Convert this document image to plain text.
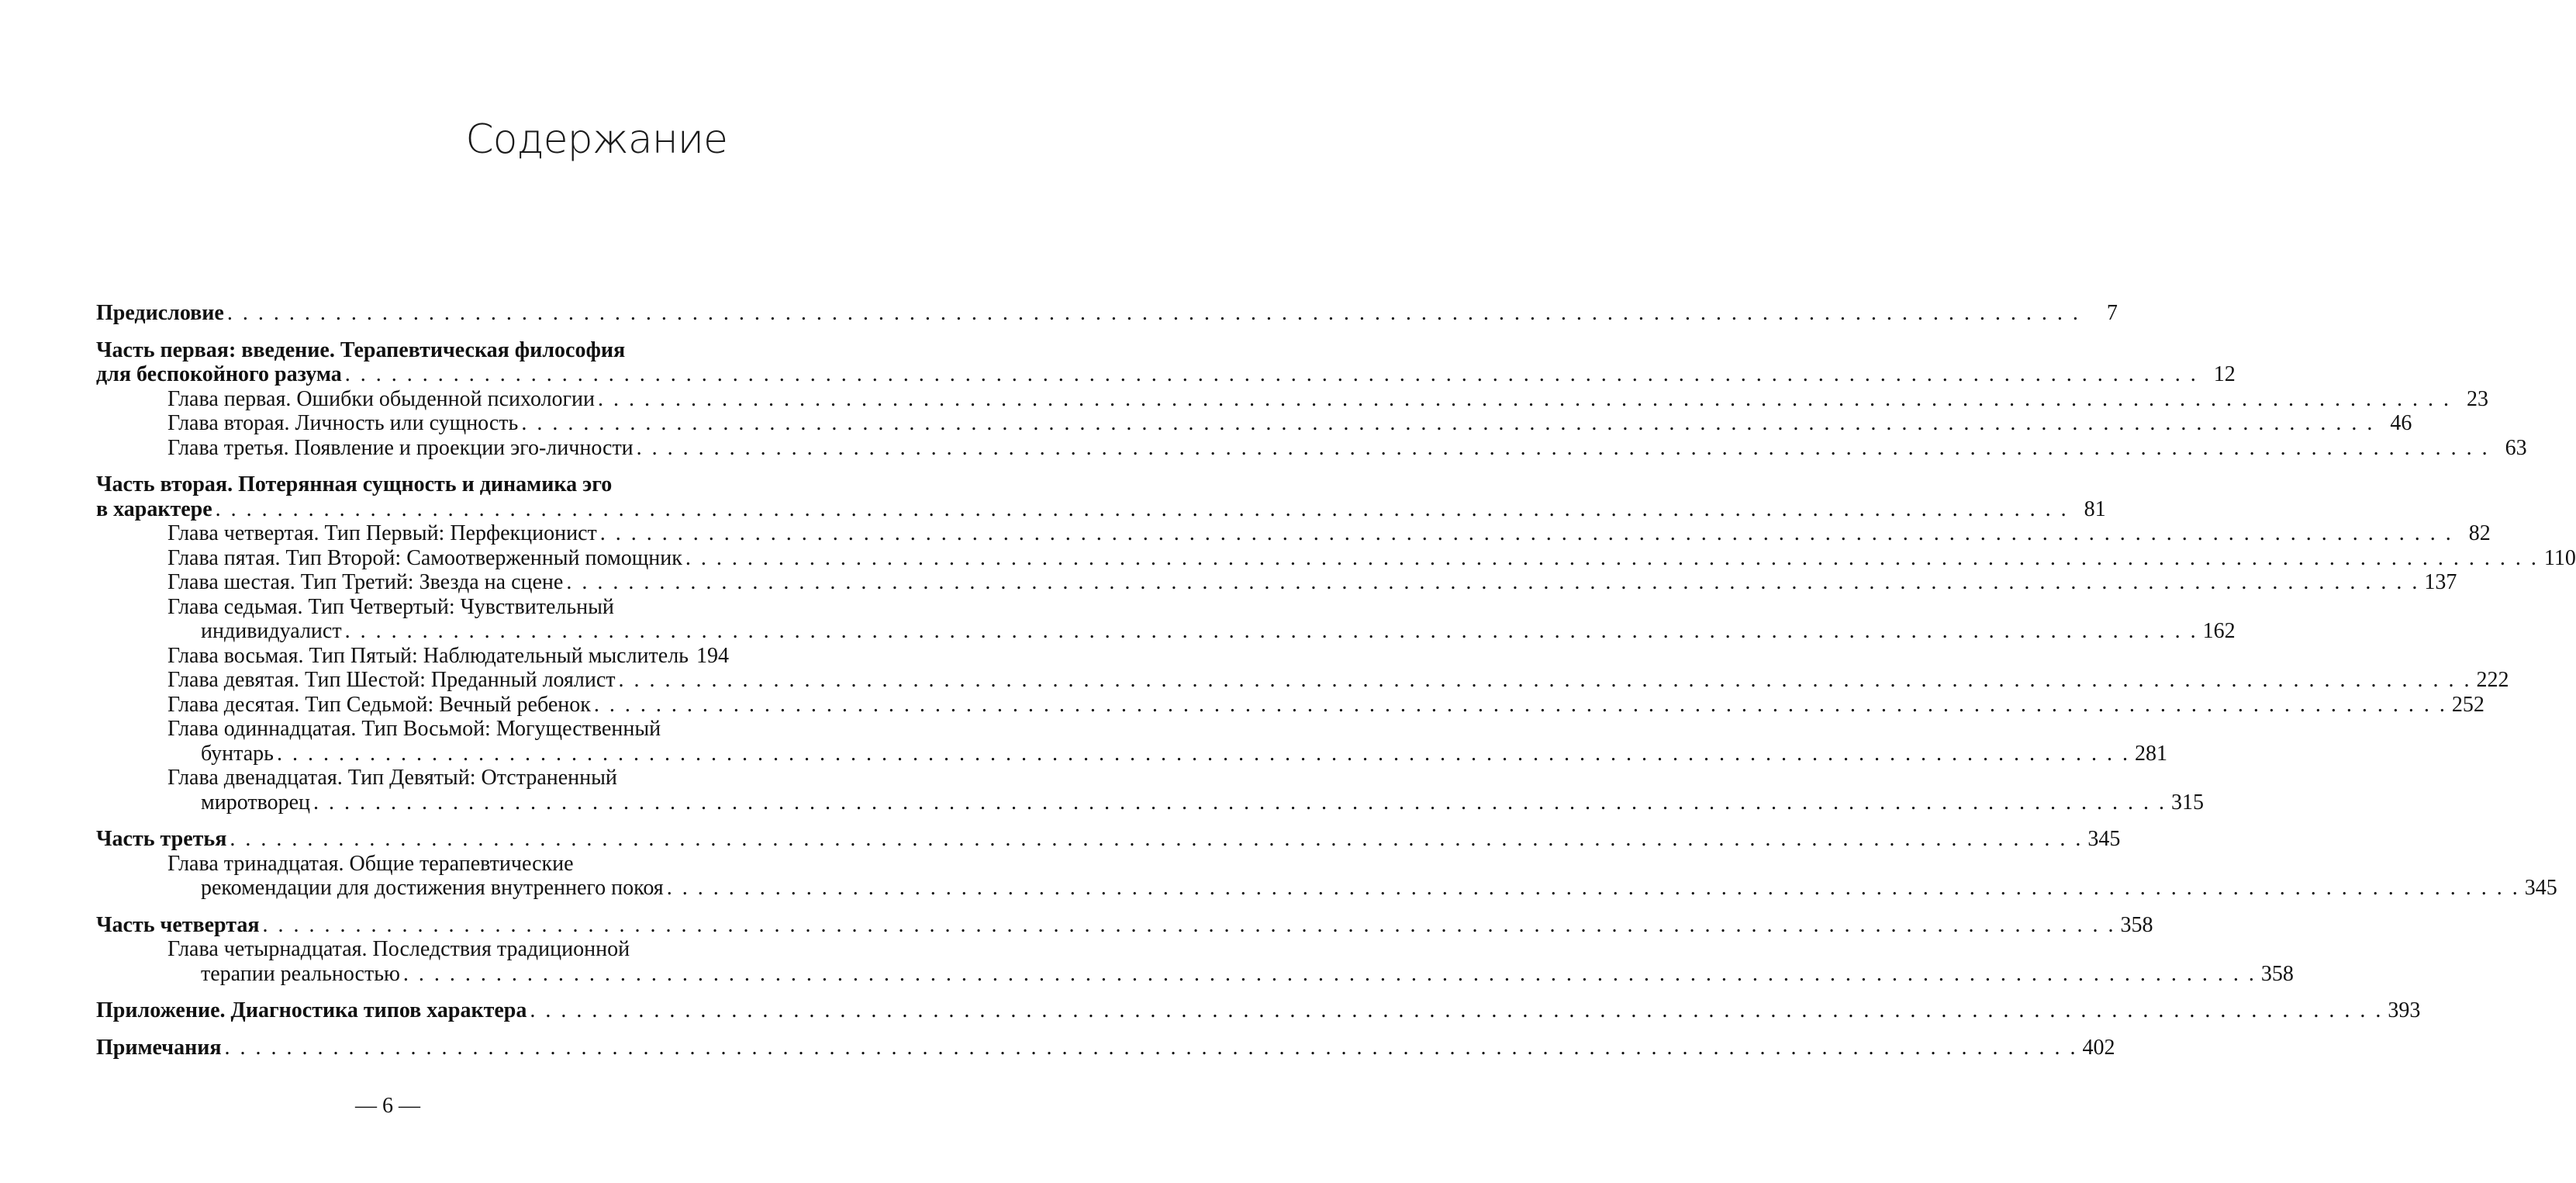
Содержание
Предисловие . . . . . . . . . . . . . . . . . . . . . . . . . . . . . . . . . . . . . . . . . . . . . . . . . . . . . . . . . . . . . . . . . . . . . . . . . . . . . . . . . . . . . . . . . . . . . . . . . . . . . . . . . . . . . . . . . . . . . . . .	7
Часть первая: введение. Терапевтическая философия
для беспокойного разума . . . . . . . . . . . . . . . . . . . . . . . . . . . . . . . . . . . . . . . . . . . . . . . . . . . . . . . . . . . . . . . . . . . . . . . . . . . . . . . . . . . . . . . . . . . . . . . . . . . . . . . . . . . . . . . . . . . . . . . . 12
Глава первая. Ошибки обыденной психологии . . . . . . . . . . . . . . . . . . . . . . . . . . . . . . . . . . . . . . . . . . . . . . . . . . . . . . . . . . . . . . . . . . . . . . . . . . . . . . . . . . . . . . . . . . . . . . . . . . . . . . . . . . . . . . . . . . . . . . . . 23
Глава вторая. Личность или сущность . . . . . . . . . . . . . . . . . . . . . . . . . . . . . . . . . . . . . . . . . . . . . . . . . . . . . . . . . . . . . . . . . . . . . . . . . . . . . . . . . . . . . . . . . . . . . . . . . . . . . . . . . . . . . . . . . . . . . . . . 46
Глава третья. Появление и проекции эго-личности . . . . . . . . . . . . . . . . . . . . . . . . . . . . . . . . . . . . . . . . . . . . . . . . . . . . . . . . . . . . . . . . . . . . . . . . . . . . . . . . . . . . . . . . . . . . . . . . . . . . . . . . . . . . . . . . . . . . . . . . 63
Часть вторая. Потерянная сущность и динамика эго
в характере . . . . . . . . . . . . . . . . . . . . . . . . . . . . . . . . . . . . . . . . . . . . . . . . . . . . . . . . . . . . . . . . . . . . . . . . . . . . . . . . . . . . . . . . . . . . . . . . . . . . . . . . . . . . . . . . . . . . . . . . 81
Глава четвертая. Тип Первый: Перфекционист . . . . . . . . . . . . . . . . . . . . . . . . . . . . . . . . . . . . . . . . . . . . . . . . . . . . . . . . . . . . . . . . . . . . . . . . . . . . . . . . . . . . . . . . . . . . . . . . . . . . . . . . . . . . . . . . . . . . . . . . 82
Глава пятая. Тип Второй: Самоотверженный помощник . . . . . . . . . . . . . . . . . . . . . . . . . . . . . . . . . . . . . . . . . . . . . . . . . . . . . . . . . . . . . . . . . . . . . . . . . . . . . . . . . . . . . . . . . . . . . . . . . . . . . . . . . . . . . . . . . . . . . . . . 110
Глава шестая. Тип Третий: Звезда на сцене . . . . . . . . . . . . . . . . . . . . . . . . . . . . . . . . . . . . . . . . . . . . . . . . . . . . . . . . . . . . . . . . . . . . . . . . . . . . . . . . . . . . . . . . . . . . . . . . . . . . . . . . . . . . . . . . . . . . . . . . 137
Глава седьмая. Тип Четвертый: Чувствительный
индивидуалист . . . . . . . . . . . . . . . . . . . . . . . . . . . . . . . . . . . . . . . . . . . . . . . . . . . . . . . . . . . . . . . . . . . . . . . . . . . . . . . . . . . . . . . . . . . . . . . . . . . . . . . . . . . . . . . . . . . . . . . . 162
Глава восьмая. Тип Пятый: Наблюдательный мыслитель 194
Глава девятая. Тип Шестой: Преданный лоялист . . . . . . . . . . . . . . . . . . . . . . . . . . . . . . . . . . . . . . . . . . . . . . . . . . . . . . . . . . . . . . . . . . . . . . . . . . . . . . . . . . . . . . . . . . . . . . . . . . . . . . . . . . . . . . . . . . . . . . . . 222
Глава десятая. Тип Седьмой: Вечный ребенок . . . . . . . . . . . . . . . . . . . . . . . . . . . . . . . . . . . . . . . . . . . . . . . . . . . . . . . . . . . . . . . . . . . . . . . . . . . . . . . . . . . . . . . . . . . . . . . . . . . . . . . . . . . . . . . . . . . . . . . . 252
Глава одиннадцатая. Тип Восьмой: Могущественный
бунтарь . . . . . . . . . . . . . . . . . . . . . . . . . . . . . . . . . . . . . . . . . . . . . . . . . . . . . . . . . . . . . . . . . . . . . . . . . . . . . . . . . . . . . . . . . . . . . . . . . . . . . . . . . . . . . . . . . . . . . . . . 281
Глава двенадцатая. Тип Девятый: Отстраненный
миротворец . . . . . . . . . . . . . . . . . . . . . . . . . . . . . . . . . . . . . . . . . . . . . . . . . . . . . . . . . . . . . . . . . . . . . . . . . . . . . . . . . . . . . . . . . . . . . . . . . . . . . . . . . . . . . . . . . . . . . . . . 315
Часть третья . . . . . . . . . . . . . . . . . . . . . . . . . . . . . . . . . . . . . . . . . . . . . . . . . . . . . . . . . . . . . . . . . . . . . . . . . . . . . . . . . . . . . . . . . . . . . . . . . . . . . . . . . . . . . . . . . . . . . . . . 345
Глава тринадцатая. Общие терапевтические
рекомендации для достижения внутреннего покоя . . . . . . . . . . . . . . . . . . . . . . . . . . . . . . . . . . . . . . . . . . . . . . . . . . . . . . . . . . . . . . . . . . . . . . . . . . . . . . . . . . . . . . . . . . . . . . . . . . . . . . . . . . . . . . . . . . . . . . . . 345
Часть четвертая . . . . . . . . . . . . . . . . . . . . . . . . . . . . . . . . . . . . . . . . . . . . . . . . . . . . . . . . . . . . . . . . . . . . . . . . . . . . . . . . . . . . . . . . . . . . . . . . . . . . . . . . . . . . . . . . . . . . . . . . 358
Глава четырнадцатая. Последствия традиционной
терапии реальностью . . . . . . . . . . . . . . . . . . . . . . . . . . . . . . . . . . . . . . . . . . . . . . . . . . . . . . . . . . . . . . . . . . . . . . . . . . . . . . . . . . . . . . . . . . . . . . . . . . . . . . . . . . . . . . . . . . . . . . . . 358
Приложение. Диагностика типов характера . . . . . . . . . . . . . . . . . . . . . . . . . . . . . . . . . . . . . . . . . . . . . . . . . . . . . . . . . . . . . . . . . . . . . . . . . . . . . . . . . . . . . . . . . . . . . . . . . . . . . . . . . . . . . . . . . . . . . . . . 393
Примечания . . . . . . . . . . . . . . . . . . . . . . . . . . . . . . . . . . . . . . . . . . . . . . . . . . . . . . . . . . . . . . . . . . . . . . . . . . . . . . . . . . . . . . . . . . . . . . . . . . . . . . . . . . . . . . . . . . . . . . . . 402
— 6 —
